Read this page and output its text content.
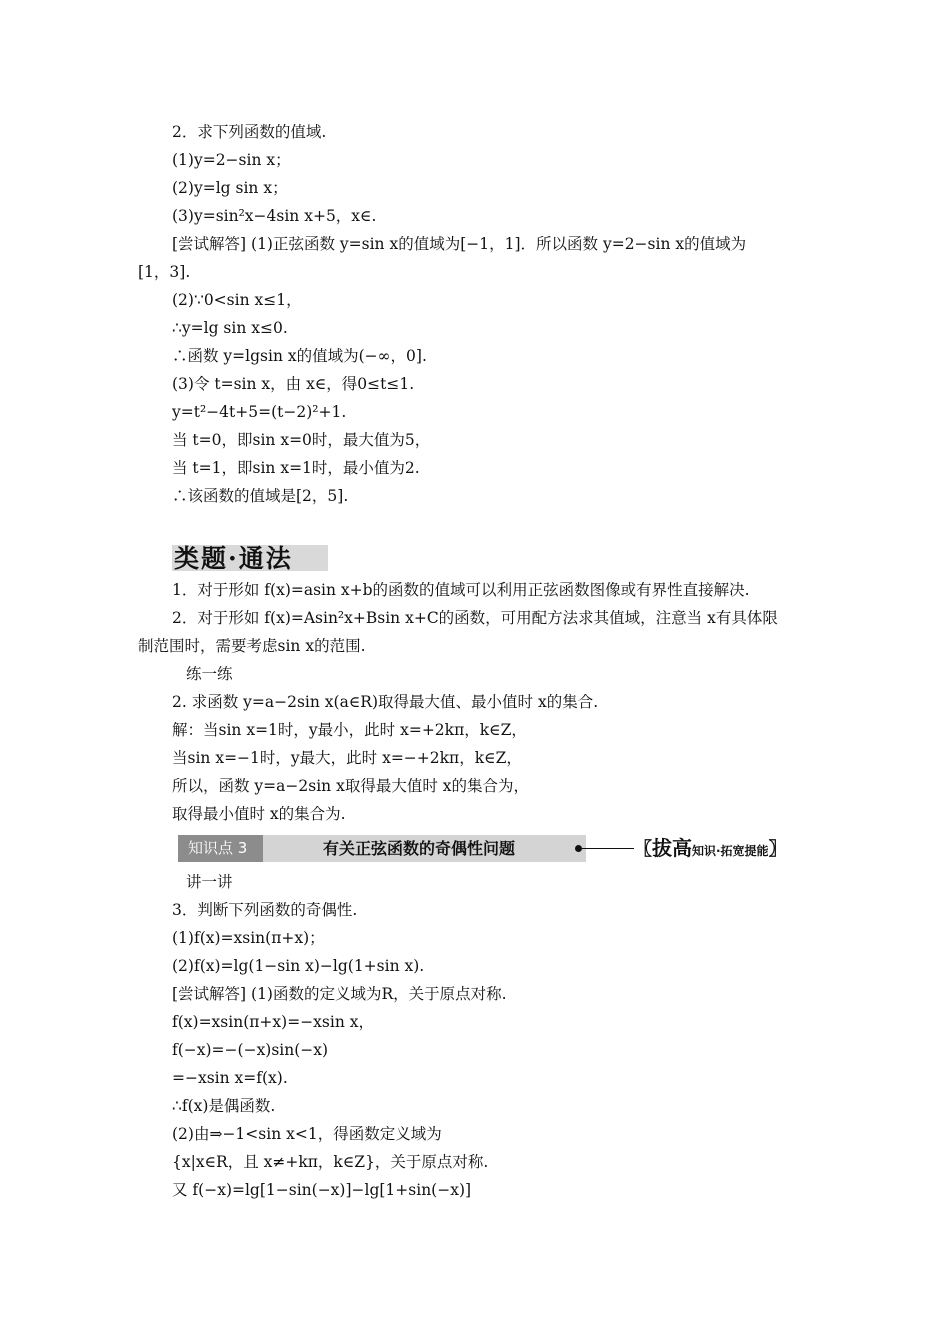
2．求下列函数的值域.
(1)y=2−sin x；
(2)y=lg sin x；
(3)y=sin²x−4sin x+5，x∈.
[尝试解答] (1)正弦函数 y=sin x的值域为[−1，1]．所以函数 y=2−sin x的值域为
[1，3].
(2)∵0<sin x≤1，
∴y=lg sin x≤0.
∴函数 y=lgsin x的值域为(−∞，0].
(3)令 t=sin x，由 x∈，得0≤t≤1.
y=t²−4t+5=(t−2)²+1.
当 t=0，即sin x=0时，最大值为5，
当 t=1，即sin x=1时，最小值为2.
∴该函数的值域是[2，5].
类题·通法
1．对于形如 f(x)=asin x+b的函数的值域可以利用正弦函数图像或有界性直接解决.
2．对于形如 f(x)=Asin²x+Bsin x+C的函数，可用配方法求其值域，注意当 x有具体限
制范围时，需要考虑sin x的范围.
练一练
2. 求函数 y=a−2sin x(a∈R)取得最大值、最小值时 x的集合.
解：当sin x=1时，y最小，此时 x=+2kπ，k∈Z，
当sin x=−1时，y最大，此时 x=−+2kπ，k∈Z，
所以，函数 y=a−2sin x取得最大值时 x的集合为，
取得最小值时 x的集合为.
知识点 3	有关正弦函数的奇偶性问题	〖拔高知识·拓宽提能〗
讲一讲
3．判断下列函数的奇偶性.
(1)f(x)=xsin(π+x)；
(2)f(x)=lg(1−sin x)−lg(1+sin x).
[尝试解答] (1)函数的定义域为R，关于原点对称.
f(x)=xsin(π+x)=−xsin x，
f(−x)=−(−x)sin(−x)
=−xsin x=f(x).
∴f(x)是偶函数.
(2)由⇒−1<sin x<1，得函数定义域为
{x|x∈R，且 x≠+kπ，k∈Z}，关于原点对称.
又 f(−x)=lg[1−sin(−x)]−lg[1+sin(−x)]
